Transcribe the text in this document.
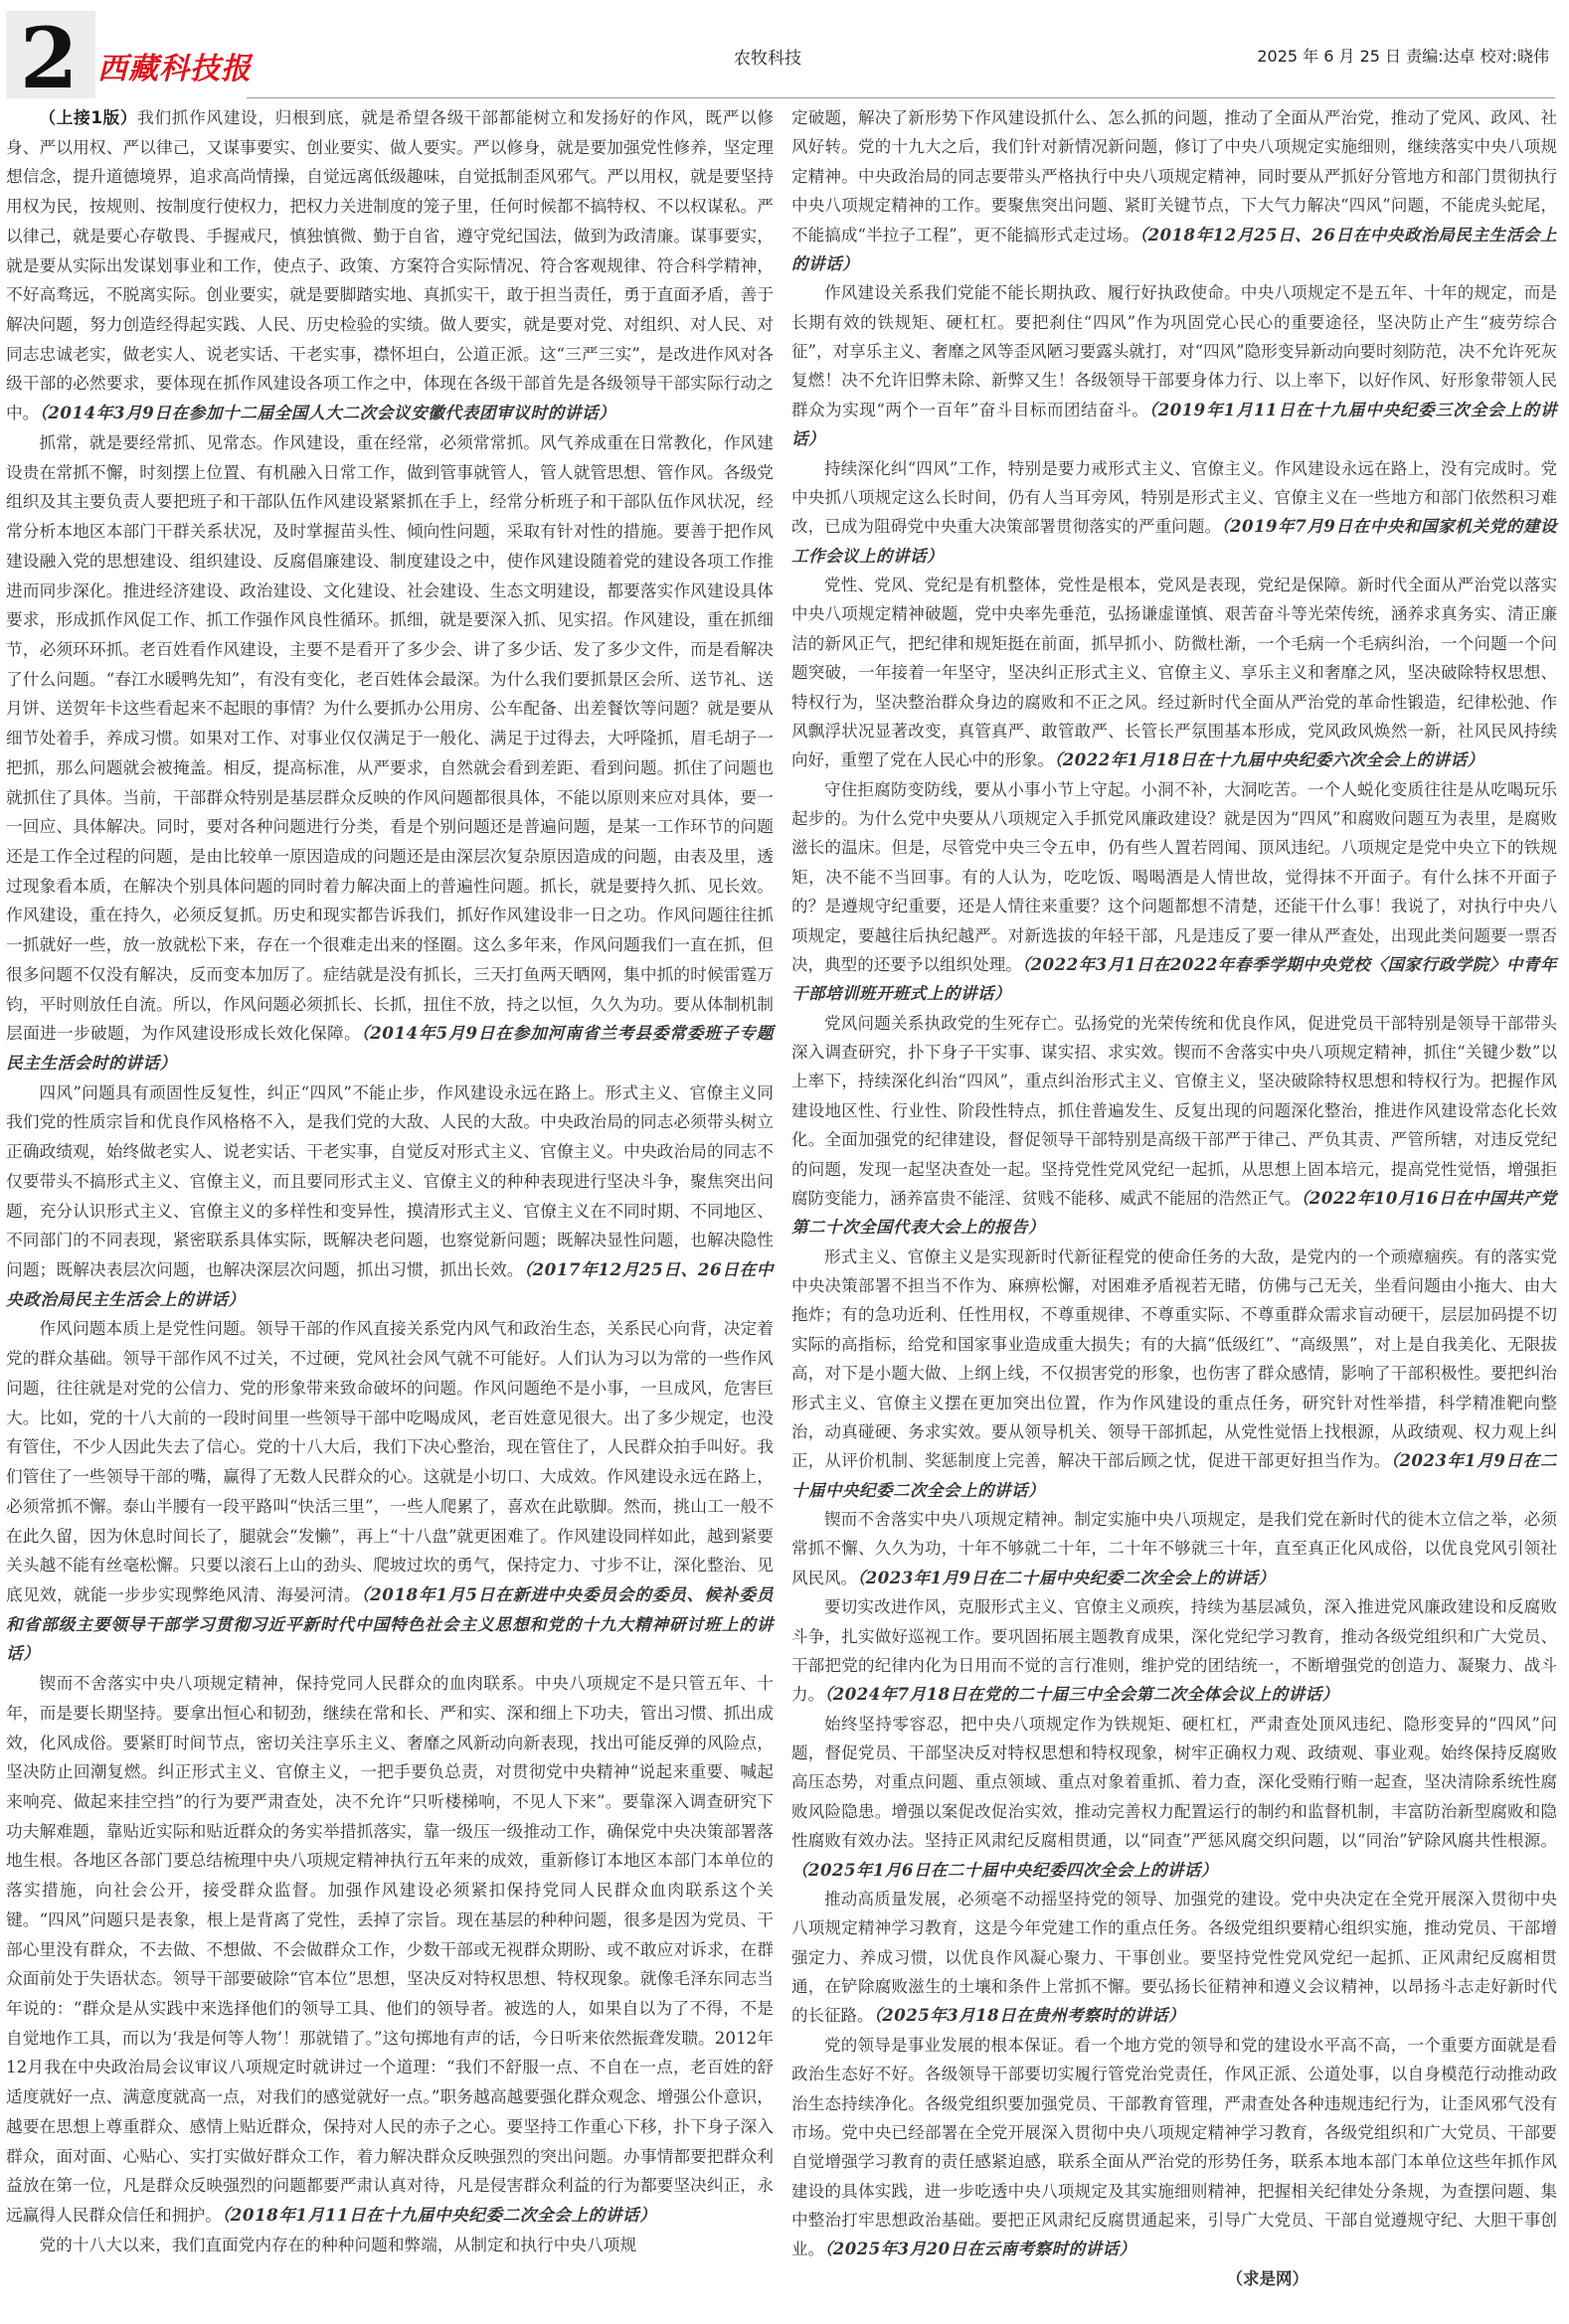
2 西藏科技报	农牧科技	2025 年 6 月 25 日 责编:达卓 校对:晓伟

（上接1版）我们抓作风建设，归根到底，就是希望各级干部都能树立和发扬好的作风，既严以修身、严以用权、严以律己，又谋事要实、创业要实、做人要实。严以修身，就是要加强党性修养，坚定理想信念，提升道德境界，追求高尚情操，自觉远离低级趣味，自觉抵制歪风邪气。严以用权，就是要坚持用权为民，按规则、按制度行使权力，把权力关进制度的笼子里，任何时候都不搞特权、不以权谋私。严以律己，就是要心存敬畏、手握戒尺，慎独慎微、勤于自省，遵守党纪国法，做到为政清廉。谋事要实，就是要从实际出发谋划事业和工作，使点子、政策、方案符合实际情况、符合客观规律、符合科学精神，不好高骛远，不脱离实际。创业要实，就是要脚踏实地、真抓实干，敢于担当责任，勇于直面矛盾，善于解决问题，努力创造经得起实践、人民、历史检验的实绩。做人要实，就是要对党、对组织、对人民、对同志忠诚老实，做老实人、说老实话、干老实事，襟怀坦白，公道正派。这“三严三实”，是改进作风对各级干部的必然要求，要体现在抓作风建设各项工作之中，体现在各级干部首先是各级领导干部实际行动之中。（2014年3月9日在参加十二届全国人大二次会议安徽代表团审议时的讲话）

抓常，就是要经常抓、见常态。作风建设，重在经常，必须常常抓。风气养成重在日常教化，作风建设贵在常抓不懈，时刻摆上位置、有机融入日常工作，做到管事就管人，管人就管思想、管作风。各级党组织及其主要负责人要把班子和干部队伍作风建设紧紧抓在手上，经常分析班子和干部队伍作风状况，经常分析本地区本部门干群关系状况，及时掌握苗头性、倾向性问题，采取有针对性的措施。要善于把作风建设融入党的思想建设、组织建设、反腐倡廉建设、制度建设之中，使作风建设随着党的建设各项工作推进而同步深化。推进经济建设、政治建设、文化建设、社会建设、生态文明建设，都要落实作风建设具体要求，形成抓作风促工作、抓工作强作风良性循环。抓细，就是要深入抓、见实招。作风建设，重在抓细节，必须环环抓。老百姓看作风建设，主要不是看开了多少会、讲了多少话、发了多少文件，而是看解决了什么问题。“春江水暖鸭先知”，有没有变化，老百姓体会最深。为什么我们要抓景区会所、送节礼、送月饼、送贺年卡这些看起来不起眼的事情？为什么要抓办公用房、公车配备、出差餐饮等问题？就是要从细节处着手，养成习惯。如果对工作、对事业仅仅满足于一般化、满足于过得去，大呼隆抓，眉毛胡子一把抓，那么问题就会被掩盖。相反，提高标准，从严要求，自然就会看到差距、看到问题。抓住了问题也就抓住了具体。当前，干部群众特别是基层群众反映的作风问题都很具体，不能以原则来应对具体，要一一回应、具体解决。同时，要对各种问题进行分类，看是个别问题还是普遍问题，是某一工作环节的问题还是工作全过程的问题，是由比较单一原因造成的问题还是由深层次复杂原因造成的问题，由表及里，透过现象看本质，在解决个别具体问题的同时着力解决面上的普遍性问题。抓长，就是要持久抓、见长效。作风建设，重在持久，必须反复抓。历史和现实都告诉我们，抓好作风建设非一日之功。作风问题往往抓一抓就好一些，放一放就松下来，存在一个很难走出来的怪圈。这么多年来，作风问题我们一直在抓，但很多问题不仅没有解决，反而变本加厉了。症结就是没有抓长，三天打鱼两天晒网，集中抓的时候雷霆万钧，平时则放任自流。所以，作风问题必须抓长、长抓，扭住不放，持之以恒，久久为功。要从体制机制层面进一步破题，为作风建设形成长效化保障。（2014年5月9日在参加河南省兰考县委常委班子专题民主生活会时的讲话）

四风”问题具有顽固性反复性，纠正“四风”不能止步，作风建设永远在路上。形式主义、官僚主义同我们党的性质宗旨和优良作风格格不入，是我们党的大敌、人民的大敌。中央政治局的同志必须带头树立正确政绩观，始终做老实人、说老实话、干老实事，自觉反对形式主义、官僚主义。中央政治局的同志不仅要带头不搞形式主义、官僚主义，而且要同形式主义、官僚主义的种种表现进行坚决斗争，聚焦突出问题，充分认识形式主义、官僚主义的多样性和变异性，摸清形式主义、官僚主义在不同时期、不同地区、不同部门的不同表现，紧密联系具体实际，既解决老问题，也察觉新问题；既解决显性问题，也解决隐性问题；既解决表层次问题，也解决深层次问题，抓出习惯，抓出长效。（2017年12月25日、26日在中央政治局民主生活会上的讲话）

作风问题本质上是党性问题。领导干部的作风直接关系党内风气和政治生态，关系民心向背，决定着党的群众基础。领导干部作风不过关，不过硬，党风社会风气就不可能好。人们认为习以为常的一些作风问题，往往就是对党的公信力、党的形象带来致命破坏的问题。作风问题绝不是小事，一旦成风，危害巨大。比如，党的十八大前的一段时间里一些领导干部中吃喝成风，老百姓意见很大。出了多少规定，也没有管住，不少人因此失去了信心。党的十八大后，我们下决心整治，现在管住了，人民群众拍手叫好。我们管住了一些领导干部的嘴，赢得了无数人民群众的心。这就是小切口、大成效。作风建设永远在路上，必须常抓不懈。泰山半腰有一段平路叫“快活三里”，一些人爬累了，喜欢在此歇脚。然而，挑山工一般不在此久留，因为休息时间长了，腿就会“发懒”，再上“十八盘”就更困难了。作风建设同样如此，越到紧要关头越不能有丝毫松懈。只要以滚石上山的劲头、爬坡过坎的勇气，保持定力、寸步不让，深化整治、见底见效，就能一步步实现弊绝风清、海晏河清。（2018年1月5日在新进中央委员会的委员、候补委员和省部级主要领导干部学习贯彻习近平新时代中国特色社会主义思想和党的十九大精神研讨班上的讲话）

锲而不舍落实中央八项规定精神，保持党同人民群众的血肉联系。中央八项规定不是只管五年、十年，而是要长期坚持。要拿出恒心和韧劲，继续在常和长、严和实、深和细上下功夫，管出习惯、抓出成效，化风成俗。要紧盯时间节点，密切关注享乐主义、奢靡之风新动向新表现，找出可能反弹的风险点，坚决防止回潮复燃。纠正形式主义、官僚主义，一把手要负总责，对贯彻党中央精神“说起来重要、喊起来响亮、做起来挂空挡”的行为要严肃查处，决不允许“只听楼梯响，不见人下来”。要靠深入调查研究下功夫解难题，靠贴近实际和贴近群众的务实举措抓落实，靠一级压一级推动工作，确保党中央决策部署落地生根。各地区各部门要总结梳理中央八项规定精神执行五年来的成效，重新修订本地区本部门本单位的落实措施，向社会公开，接受群众监督。加强作风建设必须紧扣保持党同人民群众血肉联系这个关键。“四风”问题只是表象，根上是背离了党性，丢掉了宗旨。现在基层的种种问题，很多是因为党员、干部心里没有群众，不去做、不想做、不会做群众工作，少数干部或无视群众期盼、或不敢应对诉求，在群众面前处于失语状态。领导干部要破除“官本位”思想，坚决反对特权思想、特权现象。就像毛泽东同志当年说的：“群众是从实践中来选择他们的领导工具、他们的领导者。被选的人，如果自以为了不得，不是自觉地作工具，而以为‘我是何等人物’！那就错了。”这句掷地有声的话，今日听来依然振聋发聩。2012年12月我在中央政治局会议审议八项规定时就讲过一个道理：“我们不舒服一点、不自在一点，老百姓的舒适度就好一点、满意度就高一点，对我们的感觉就好一点。”职务越高越要强化群众观念、增强公仆意识，越要在思想上尊重群众、感情上贴近群众，保持对人民的赤子之心。要坚持工作重心下移，扑下身子深入群众，面对面、心贴心、实打实做好群众工作，着力解决群众反映强烈的突出问题。办事情都要把群众利益放在第一位，凡是群众反映强烈的问题都要严肃认真对待，凡是侵害群众利益的行为都要坚决纠正，永远赢得人民群众信任和拥护。（2018年1月11日在十九届中央纪委二次全会上的讲话）

党的十八大以来，我们直面党内存在的种种问题和弊端，从制定和执行中央八项规

定破题，解决了新形势下作风建设抓什么、怎么抓的问题，推动了全面从严治党，推动了党风、政风、社风好转。党的十九大之后，我们针对新情况新问题，修订了中央八项规定实施细则，继续落实中央八项规定精神。中央政治局的同志要带头严格执行中央八项规定精神，同时要从严抓好分管地方和部门贯彻执行中央八项规定精神的工作。要聚焦突出问题、紧盯关键节点，下大气力解决“四风”问题，不能虎头蛇尾，不能搞成“半拉子工程”，更不能搞形式走过场。（2018年12月25日、26日在中央政治局民主生活会上的讲话）

作风建设关系我们党能不能长期执政、履行好执政使命。中央八项规定不是五年、十年的规定，而是长期有效的铁规矩、硬杠杠。要把刹住“四风”作为巩固党心民心的重要途径，坚决防止产生“疲劳综合征”，对享乐主义、奢靡之风等歪风陋习要露头就打，对“四风”隐形变异新动向要时刻防范，决不允许死灰复燃！决不允许旧弊未除、新弊又生！各级领导干部要身体力行、以上率下，以好作风、好形象带领人民群众为实现“两个一百年”奋斗目标而团结奋斗。（2019年1月11日在十九届中央纪委三次全会上的讲话）

持续深化纠“四风”工作，特别是要力戒形式主义、官僚主义。作风建设永远在路上，没有完成时。党中央抓八项规定这么长时间，仍有人当耳旁风，特别是形式主义、官僚主义在一些地方和部门依然积习难改，已成为阻碍党中央重大决策部署贯彻落实的严重问题。（2019年7月9日在中央和国家机关党的建设工作会议上的讲话）

党性、党风、党纪是有机整体，党性是根本，党风是表现，党纪是保障。新时代全面从严治党以落实中央八项规定精神破题，党中央率先垂范，弘扬谦虚谨慎、艰苦奋斗等光荣传统，涵养求真务实、清正廉洁的新风正气，把纪律和规矩挺在前面，抓早抓小、防微杜渐，一个毛病一个毛病纠治，一个问题一个问题突破，一年接着一年坚守，坚决纠正形式主义、官僚主义、享乐主义和奢靡之风，坚决破除特权思想、特权行为，坚决整治群众身边的腐败和不正之风。经过新时代全面从严治党的革命性锻造，纪律松弛、作风飘浮状况显著改变，真管真严、敢管敢严、长管长严氛围基本形成，党风政风焕然一新，社风民风持续向好，重塑了党在人民心中的形象。（2022年1月18日在十九届中央纪委六次全会上的讲话）

守住拒腐防变防线，要从小事小节上守起。小洞不补，大洞吃苦。一个人蜕化变质往往是从吃喝玩乐起步的。为什么党中央要从八项规定入手抓党风廉政建设？就是因为“四风”和腐败问题互为表里，是腐败滋长的温床。但是，尽管党中央三令五申，仍有些人置若罔闻、顶风违纪。八项规定是党中央立下的铁规矩，决不能不当回事。有的人认为，吃吃饭、喝喝酒是人情世故，觉得抹不开面子。有什么抹不开面子的？是遵规守纪重要，还是人情往来重要？这个问题都想不清楚，还能干什么事！我说了，对执行中央八项规定，要越往后执纪越严。对新选拔的年轻干部，凡是违反了要一律从严查处，出现此类问题要一票否决，典型的还要予以组织处理。（2022年3月1日在2022年春季学期中央党校〈国家行政学院〉中青年干部培训班开班式上的讲话）

党风问题关系执政党的生死存亡。弘扬党的光荣传统和优良作风，促进党员干部特别是领导干部带头深入调查研究，扑下身子干实事、谋实招、求实效。锲而不舍落实中央八项规定精神，抓住“关键少数”以上率下，持续深化纠治“四风”，重点纠治形式主义、官僚主义，坚决破除特权思想和特权行为。把握作风建设地区性、行业性、阶段性特点，抓住普遍发生、反复出现的问题深化整治，推进作风建设常态化长效化。全面加强党的纪律建设，督促领导干部特别是高级干部严于律己、严负其责、严管所辖，对违反党纪的问题，发现一起坚决查处一起。坚持党性党风党纪一起抓，从思想上固本培元，提高党性觉悟，增强拒腐防变能力，涵养富贵不能淫、贫贱不能移、威武不能屈的浩然正气。（2022年10月16日在中国共产党第二十次全国代表大会上的报告）

形式主义、官僚主义是实现新时代新征程党的使命任务的大敌，是党内的一个顽瘴痼疾。有的落实党中央决策部署不担当不作为、麻痹松懈，对困难矛盾视若无睹，仿佛与己无关，坐看问题由小拖大、由大拖炸；有的急功近利、任性用权，不尊重规律、不尊重实际、不尊重群众需求盲动硬干，层层加码提不切实际的高指标，给党和国家事业造成重大损失；有的大搞“低级红”、“高级黑”，对上是自我美化、无限拔高，对下是小题大做、上纲上线，不仅损害党的形象，也伤害了群众感情，影响了干部积极性。要把纠治形式主义、官僚主义摆在更加突出位置，作为作风建设的重点任务，研究针对性举措，科学精准靶向整治，动真碰硬、务求实效。要从领导机关、领导干部抓起，从党性觉悟上找根源，从政绩观、权力观上纠正，从评价机制、奖惩制度上完善，解决干部后顾之忧，促进干部更好担当作为。（2023年1月9日在二十届中央纪委二次全会上的讲话）

锲而不舍落实中央八项规定精神。制定实施中央八项规定，是我们党在新时代的徙木立信之举，必须常抓不懈、久久为功，十年不够就二十年，二十年不够就三十年，直至真正化风成俗，以优良党风引领社风民风。（2023年1月9日在二十届中央纪委二次全会上的讲话）

要切实改进作风，克服形式主义、官僚主义顽疾，持续为基层减负，深入推进党风廉政建设和反腐败斗争，扎实做好巡视工作。要巩固拓展主题教育成果，深化党纪学习教育，推动各级党组织和广大党员、干部把党的纪律内化为日用而不觉的言行准则，维护党的团结统一，不断增强党的创造力、凝聚力、战斗力。（2024年7月18日在党的二十届三中全会第二次全体会议上的讲话）

始终坚持零容忍，把中央八项规定作为铁规矩、硬杠杠，严肃查处顶风违纪、隐形变异的“四风”问题，督促党员、干部坚决反对特权思想和特权现象，树牢正确权力观、政绩观、事业观。始终保持反腐败高压态势，对重点问题、重点领域、重点对象着重抓、着力查，深化受贿行贿一起查，坚决清除系统性腐败风险隐患。增强以案促改促治实效，推动完善权力配置运行的制约和监督机制，丰富防治新型腐败和隐性腐败有效办法。坚持正风肃纪反腐相贯通，以“同查”严惩风腐交织问题，以“同治”铲除风腐共性根源。（2025年1月6日在二十届中央纪委四次全会上的讲话）

推动高质量发展，必须毫不动摇坚持党的领导、加强党的建设。党中央决定在全党开展深入贯彻中央八项规定精神学习教育，这是今年党建工作的重点任务。各级党组织要精心组织实施，推动党员、干部增强定力、养成习惯，以优良作风凝心聚力、干事创业。要坚持党性党风党纪一起抓、正风肃纪反腐相贯通，在铲除腐败滋生的土壤和条件上常抓不懈。要弘扬长征精神和遵义会议精神，以昂扬斗志走好新时代的长征路。（2025年3月18日在贵州考察时的讲话）

党的领导是事业发展的根本保证。看一个地方党的领导和党的建设水平高不高，一个重要方面就是看政治生态好不好。各级领导干部要切实履行管党治党责任，作风正派、公道处事，以自身模范行动推动政治生态持续净化。各级党组织要加强党员、干部教育管理，严肃查处各种违规违纪行为，让歪风邪气没有市场。党中央已经部署在全党开展深入贯彻中央八项规定精神学习教育，各级党组织和广大党员、干部要自觉增强学习教育的责任感紧迫感，联系全面从严治党的形势任务，联系本地本部门本单位这些年抓作风建设的具体实践，进一步吃透中央八项规定及其实施细则精神，把握相关纪律处分条规，为查摆问题、集中整治打牢思想政治基础。要把正风肃纪反腐贯通起来，引导广大党员、干部自觉遵规守纪、大胆干事创业。（2025年3月20日在云南考察时的讲话）

（求是网）
